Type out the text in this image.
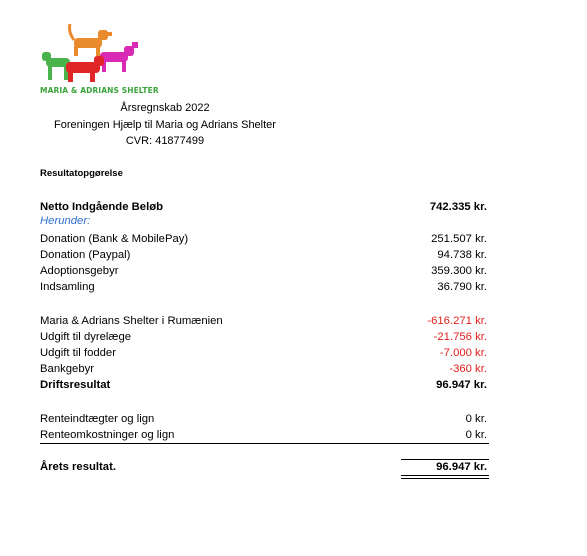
MARIA & ADRIANS SHELTER
Årsregnskab 2022
Foreningen Hjælp til Maria og Adrians Shelter
CVR: 41877499
Resultatopgørelse
Netto Indgående Beløb	742.335 kr.
Herunder:
Donation (Bank & MobilePay)	251.507 kr.
Donation (Paypal)	94.738 kr.
Adoptionsgebyr	359.300 kr.
Indsamling	36.790 kr.
Maria & Adrians Shelter i Rumænien	-616.271 kr.
Udgift til dyrelæge	-21.756 kr.
Udgift til fodder	-7.000 kr.
Bankgebyr	-360 kr.
Driftsresultat	96.947 kr.
Renteindtægter og lign	0 kr.
Renteomkostninger og lign	0 kr.
Årets resultat.	96.947 kr.
